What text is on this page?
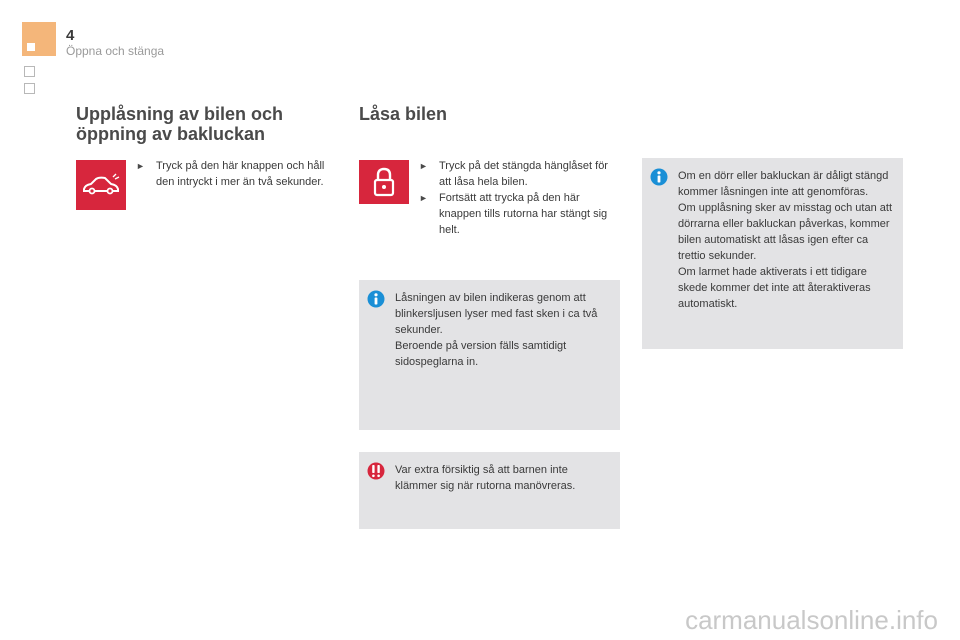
4
Öppna och stänga
Upplåsning av bilen och
öppning av bakluckan
► Tryck på den här knappen och håll den intryckt i mer än två sekunder.
Låsa bilen
► Tryck på det stängda hänglåset för att låsa hela bilen.
► Fortsätt att trycka på den här knappen tills rutorna har stängt sig helt.

Låsningen av bilen indikeras genom att blinkersljusen lyser med fast sken i ca två sekunder.

Beroende på version fälls samtidigt sidospeglarna in.

Var extra försiktig så att barnen inte klämmer sig när rutorna manövreras.

Om en dörr eller bakluckan är dåligt stängd kommer låsningen inte att genomföras.

Om upplåsning sker av misstag och utan att dörrarna eller bakluckan påverkas, kommer bilen automatiskt att låsas igen efter ca trettio sekunder.

Om larmet hade aktiverats i ett tidigare skede kommer det inte att återaktiveras automatiskt.

carmanualsonline.info
